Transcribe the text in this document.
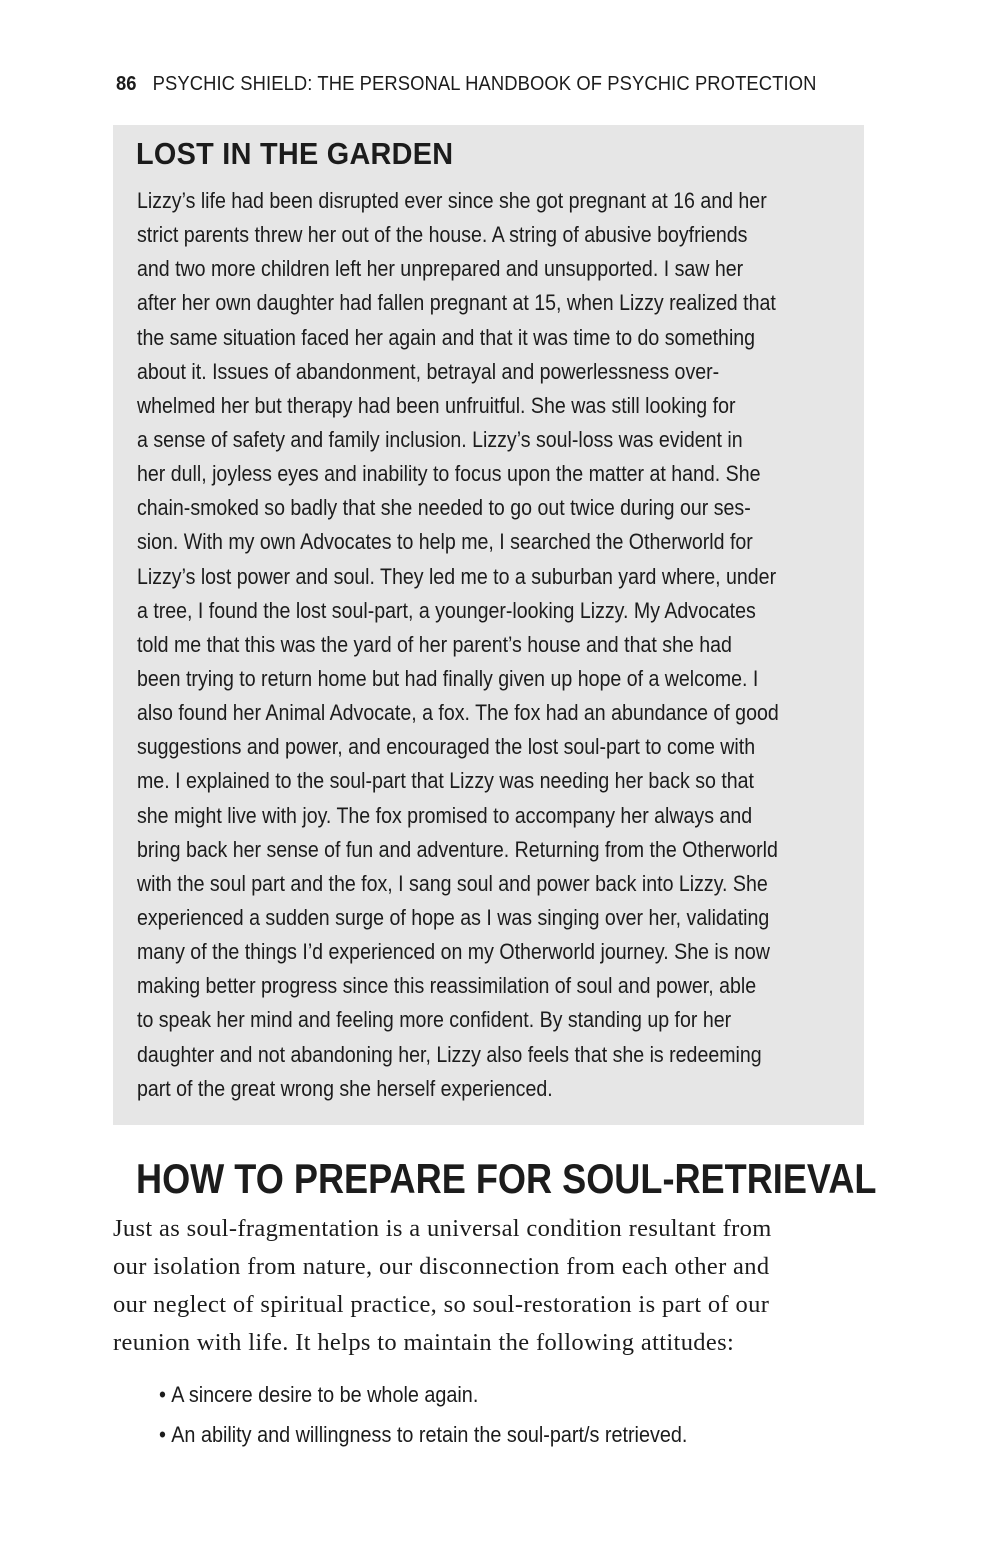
86 PSYCHIC SHIELD: THE PERSONAL HANDBOOK OF PSYCHIC PROTECTION
LOST IN THE GARDEN
Lizzy’s life had been disrupted ever since she got pregnant at 16 and her
strict parents threw her out of the house. A string of abusive boyfriends
and two more children left her unprepared and unsupported. I saw her
after her own daughter had fallen pregnant at 15, when Lizzy realized that
the same situation faced her again and that it was time to do something
about it. Issues of abandonment, betrayal and powerlessness over-
whelmed her but therapy had been unfruitful. She was still looking for
a sense of safety and family inclusion. Lizzy’s soul-loss was evident in
her dull, joyless eyes and inability to focus upon the matter at hand. She
chain-smoked so badly that she needed to go out twice during our ses-
sion. With my own Advocates to help me, I searched the Otherworld for
Lizzy’s lost power and soul. They led me to a suburban yard where, under
a tree, I found the lost soul-part, a younger-looking Lizzy. My Advocates
told me that this was the yard of her parent’s house and that she had
been trying to return home but had finally given up hope of a welcome. I
also found her Animal Advocate, a fox. The fox had an abundance of good
suggestions and power, and encouraged the lost soul-part to come with
me. I explained to the soul-part that Lizzy was needing her back so that
she might live with joy. The fox promised to accompany her always and
bring back her sense of fun and adventure. Returning from the Otherworld
with the soul part and the fox, I sang soul and power back into Lizzy. She
experienced a sudden surge of hope as I was singing over her, validating
many of the things I’d experienced on my Otherworld journey. She is now
making better progress since this reassimilation of soul and power, able
to speak her mind and feeling more confident. By standing up for her
daughter and not abandoning her, Lizzy also feels that she is redeeming
part of the great wrong she herself experienced.
HOW TO PREPARE FOR SOUL-RETRIEVAL
Just as soul-fragmentation is a universal condition resultant from
our isolation from nature, our disconnection from each other and
our neglect of spiritual practice, so soul-restoration is part of our
reunion with life. It helps to maintain the following attitudes:
• A sincere desire to be whole again.
• An ability and willingness to retain the soul-part/s retrieved.
